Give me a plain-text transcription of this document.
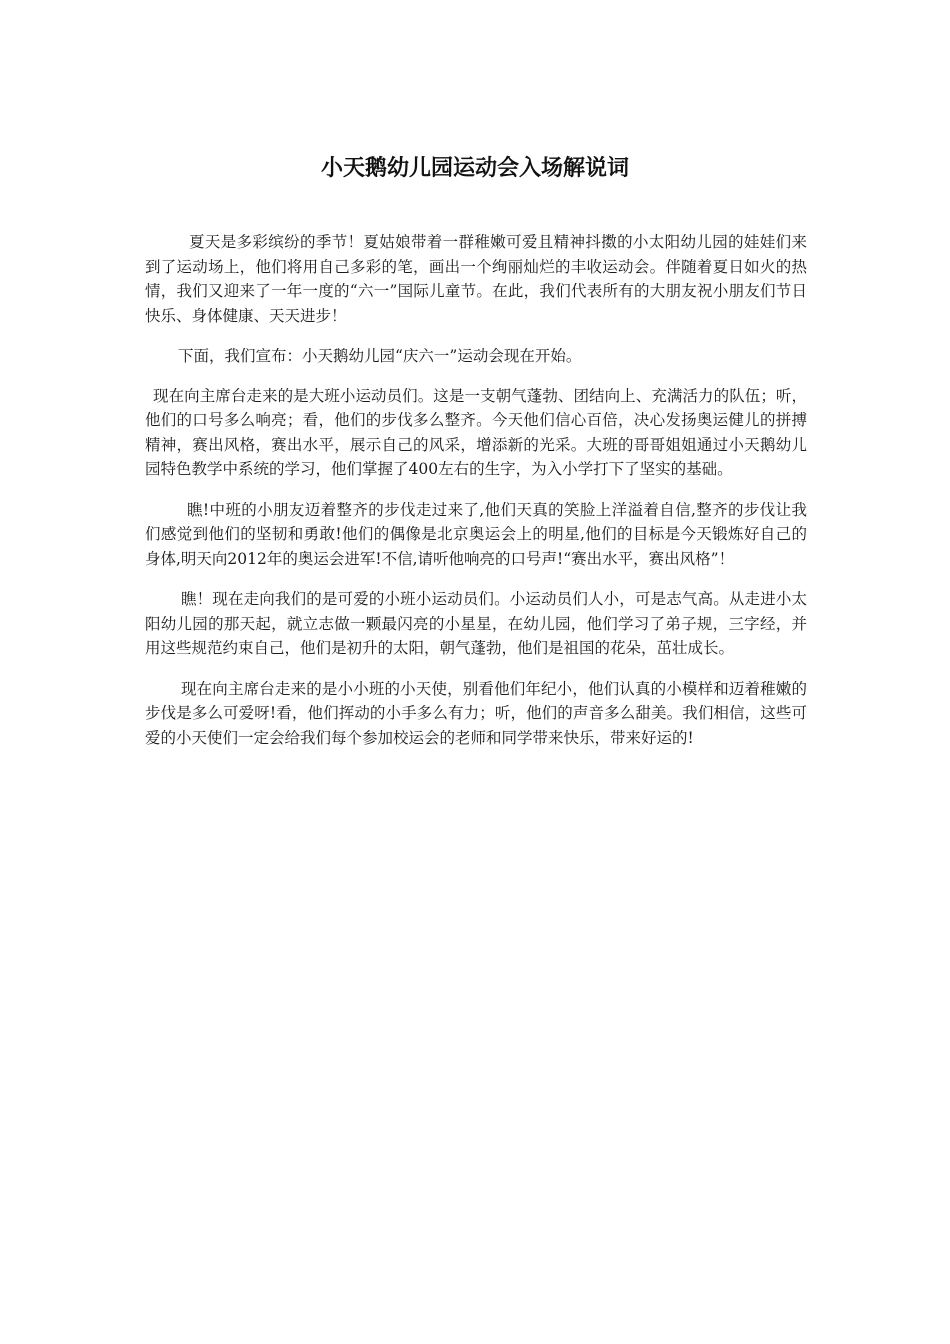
小天鹅幼儿园运动会入场解说词

夏天是多彩缤纷的季节！夏姑娘带着一群稚嫩可爱且精神抖擞的小太阳幼儿园的娃娃们来到了运动场上，他们将用自己多彩的笔，画出一个绚丽灿烂的丰收运动会。伴随着夏日如火的热情，我们又迎来了一年一度的“六一”国际儿童节。在此，我们代表所有的大朋友祝小朋友们节日快乐、身体健康、天天进步！

下面，我们宣布：小天鹅幼儿园“庆六一”运动会现在开始。

现在向主席台走来的是大班小运动员们。这是一支朝气蓬勃、团结向上、充满活力的队伍；听，他们的口号多么响亮；看，他们的步伐多么整齐。今天他们信心百倍，决心发扬奥运健儿的拼搏精神，赛出风格，赛出水平，展示自己的风采，增添新的光采。大班的哥哥姐姐通过小天鹅幼儿园特色教学中系统的学习，他们掌握了400左右的生字，为入小学打下了坚实的基础。

瞧!中班的小朋友迈着整齐的步伐走过来了,他们天真的笑脸上洋溢着自信,整齐的步伐让我们感觉到他们的坚韧和勇敢!他们的偶像是北京奥运会上的明星,他们的目标是今天锻炼好自己的身体,明天向2012年的奥运会进军!不信,请听他响亮的口号声!“赛出水平，赛出风格”！

瞧！现在走向我们的是可爱的小班小运动员们。小运动员们人小，可是志气高。从走进小太阳幼儿园的那天起，就立志做一颗最闪亮的小星星，在幼儿园，他们学习了弟子规，三字经，并用这些规范约束自己，他们是初升的太阳，朝气蓬勃，他们是祖国的花朵，茁壮成长。

现在向主席台走来的是小小班的小天使，别看他们年纪小，他们认真的小模样和迈着稚嫩的步伐是多么可爱呀!看，他们挥动的小手多么有力；听，他们的声音多么甜美。我们相信，这些可爱的小天使们一定会给我们每个参加校运会的老师和同学带来快乐，带来好运的!
